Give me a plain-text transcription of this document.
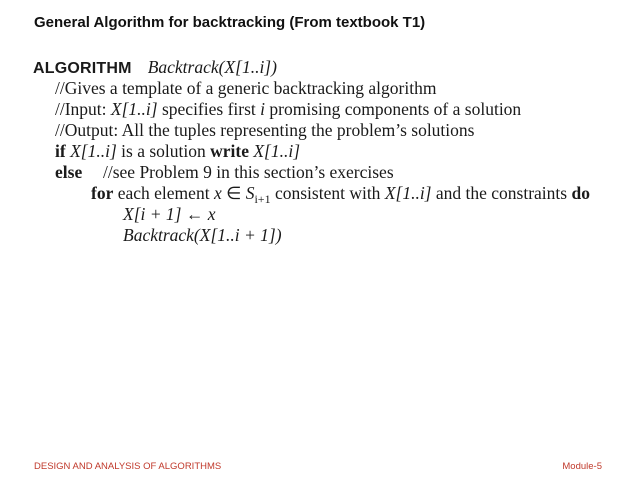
General Algorithm for backtracking (From textbook T1)
ALGORITHM Backtrack(X[1..i])
//Gives a template of a generic backtracking algorithm
//Input: X[1..i] specifies first i promising components of a solution
//Output: All the tuples representing the problem’s solutions
if X[1..i] is a solution write X[1..i]
else //see Problem 9 in this section’s exercises
for each element x ∈ $S_{i+1}$ consistent with X[1..i] and the constraints do
X[i + 1] ← x
Backtrack(X[1..i + 1])
DESIGN AND ANALYSIS OF ALGORITHMS	Module-5
